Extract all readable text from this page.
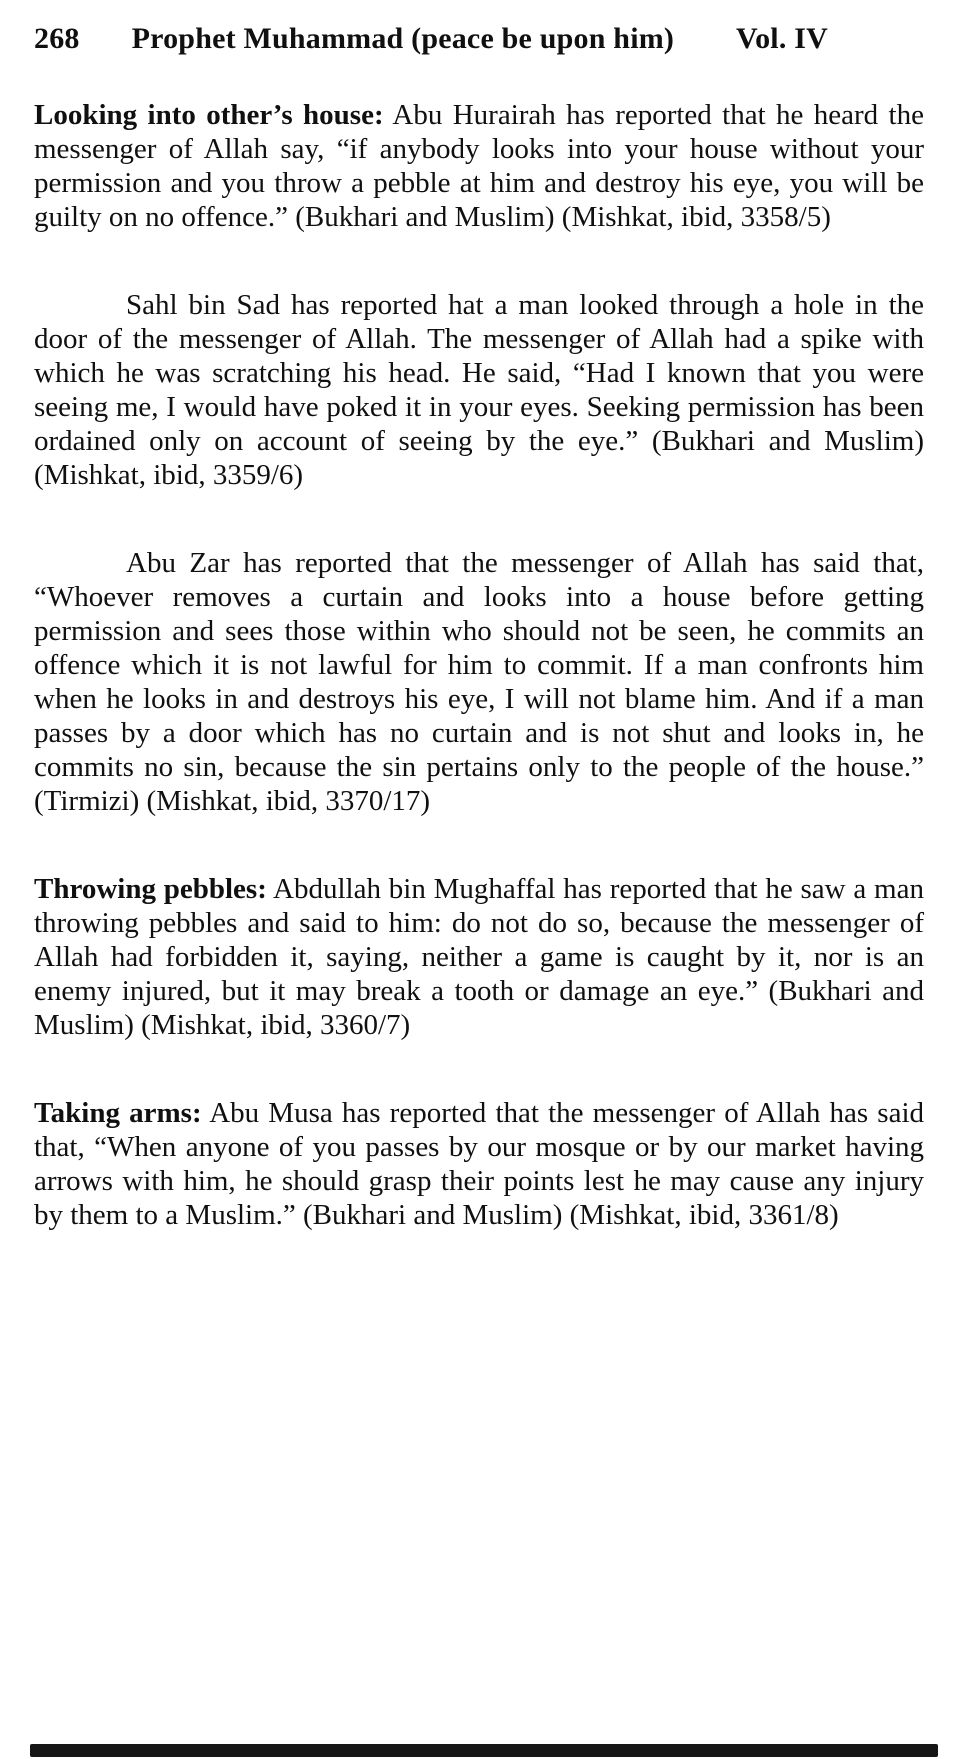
268 Prophet Muhammad (peace be upon him) Vol. IV

Looking into other’s house: Abu Hurairah has reported that he heard the messenger of Allah say, “if anybody looks into your house without your permission and you throw a pebble at him and destroy his eye, you will be guilty on no offence.” (Bukhari and Muslim) (Mishkat, ibid, 3358/5)

Sahl bin Sad has reported hat a man looked through a hole in the door of the messenger of Allah. The messenger of Allah had a spike with which he was scratching his head. He said, “Had I known that you were seeing me, I would have poked it in your eyes. Seeking permission has been ordained only on account of seeing by the eye.” (Bukhari and Muslim) (Mishkat, ibid, 3359/6)

Abu Zar has reported that the messenger of Allah has said that, “Whoever removes a curtain and looks into a house before getting permission and sees those within who should not be seen, he commits an offence which it is not lawful for him to commit. If a man confronts him when he looks in and destroys his eye, I will not blame him. And if a man passes by a door which has no curtain and is not shut and looks in, he commits no sin, because the sin pertains only to the people of the house.” (Tirmizi) (Mishkat, ibid, 3370/17)

Throwing pebbles: Abdullah bin Mughaffal has reported that he saw a man throwing pebbles and said to him: do not do so, because the messenger of Allah had forbidden it, saying, neither a game is caught by it, nor is an enemy injured, but it may break a tooth or damage an eye.” (Bukhari and Muslim) (Mishkat, ibid, 3360/7)

Taking arms: Abu Musa has reported that the messenger of Allah has said that, “When anyone of you passes by our mosque or by our market having arrows with him, he should grasp their points lest he may cause any injury by them to a Muslim.” (Bukhari and Muslim) (Mishkat, ibid, 3361/8)
